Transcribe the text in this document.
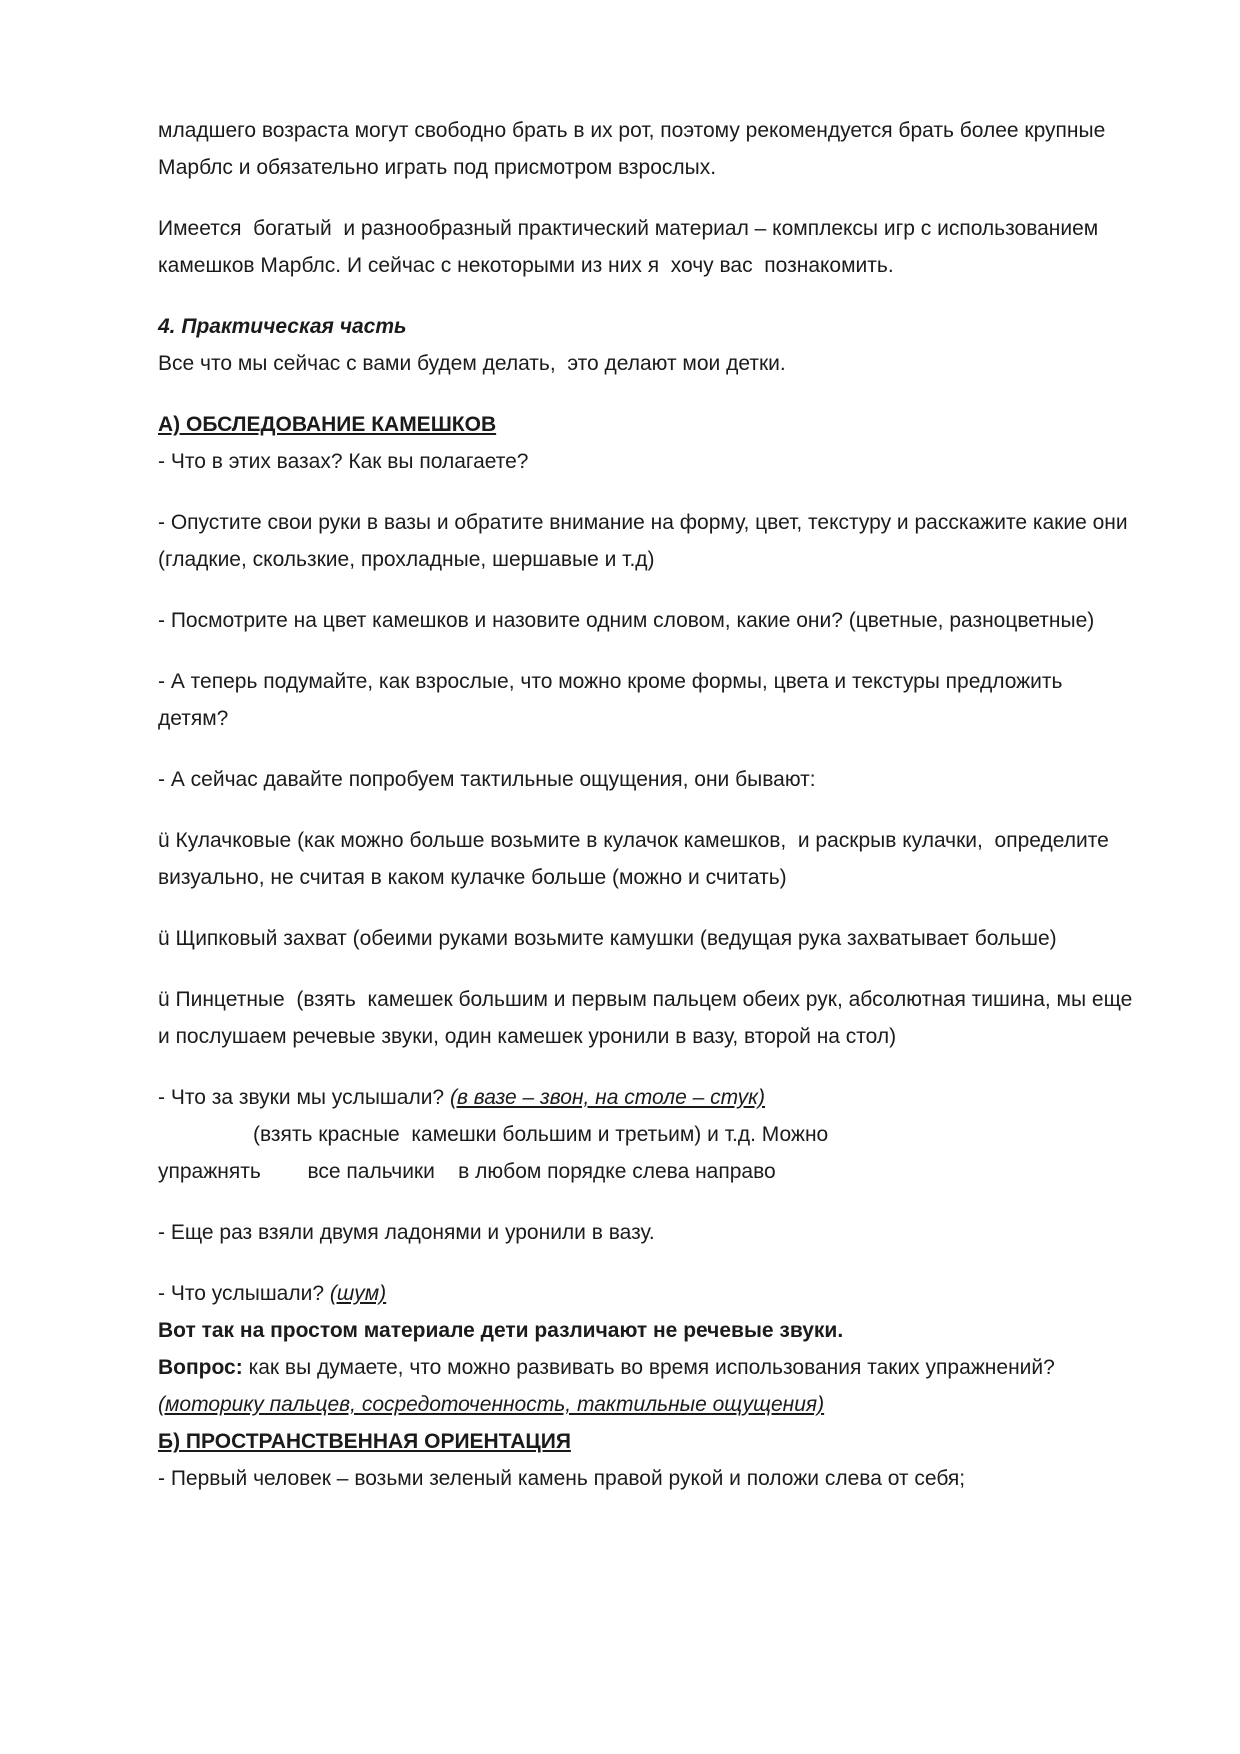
младшего возраста могут свободно брать в их рот, поэтому рекомендуется брать более крупные Марблс и обязательно играть под присмотром взрослых.

Имеется  богатый  и разнообразный практический материал – комплексы игр с использованием камешков Марблс. И сейчас с некоторыми из них я  хочу вас  познакомить.

4. Практическая часть

Все что мы сейчас с вами будем делать,  это делают мои детки.

А) ОБСЛЕДОВАНИЕ КАМЕШКОВ

- Что в этих вазах? Как вы полагаете?

- Опустите свои руки в вазы и обратите внимание на форму, цвет, текстуру и расскажите какие они (гладкие, скользкие, прохладные, шершавые и т.д)

- Посмотрите на цвет камешков и назовите одним словом, какие они? (цветные, разноцветные)

- А теперь подумайте, как взрослые, что можно кроме формы, цвета и текстуры предложить детям?

- А сейчас давайте попробуем тактильные ощущения, они бывают:

ü Кулачковые (как можно больше возьмите в кулачок камешков,  и раскрыв кулачки,  определите визуально, не считая в каком кулачке больше (можно и считать)

ü Щипковый захват (обеими руками возьмите камушки (ведущая рука захватывает больше)

ü Пинцетные  (взять  камешек большим и первым пальцем обеих рук, абсолютная тишина, мы еще и послушаем речевые звуки, один камешек уронили в вазу, второй на стол)

- Что за звуки мы услышали? (в вазе – звон, на столе – стук)

(взять красные  камешки большим и третьим) и т.д. Можно

упражнять        все пальчики    в любом порядке слева направо

- Еще раз взяли двумя ладонями и уронили в вазу.

- Что услышали? (шум)

Вот так на простом материале дети различают не речевые звуки.

Вопрос: как вы думаете, что можно развивать во время использования таких упражнений?  (моторику пальцев, сосредоточенность, тактильные ощущения)

Б) ПРОСТРАНСТВЕННАЯ ОРИЕНТАЦИЯ

- Первый человек – возьми зеленый камень правой рукой и положи слева от себя;
